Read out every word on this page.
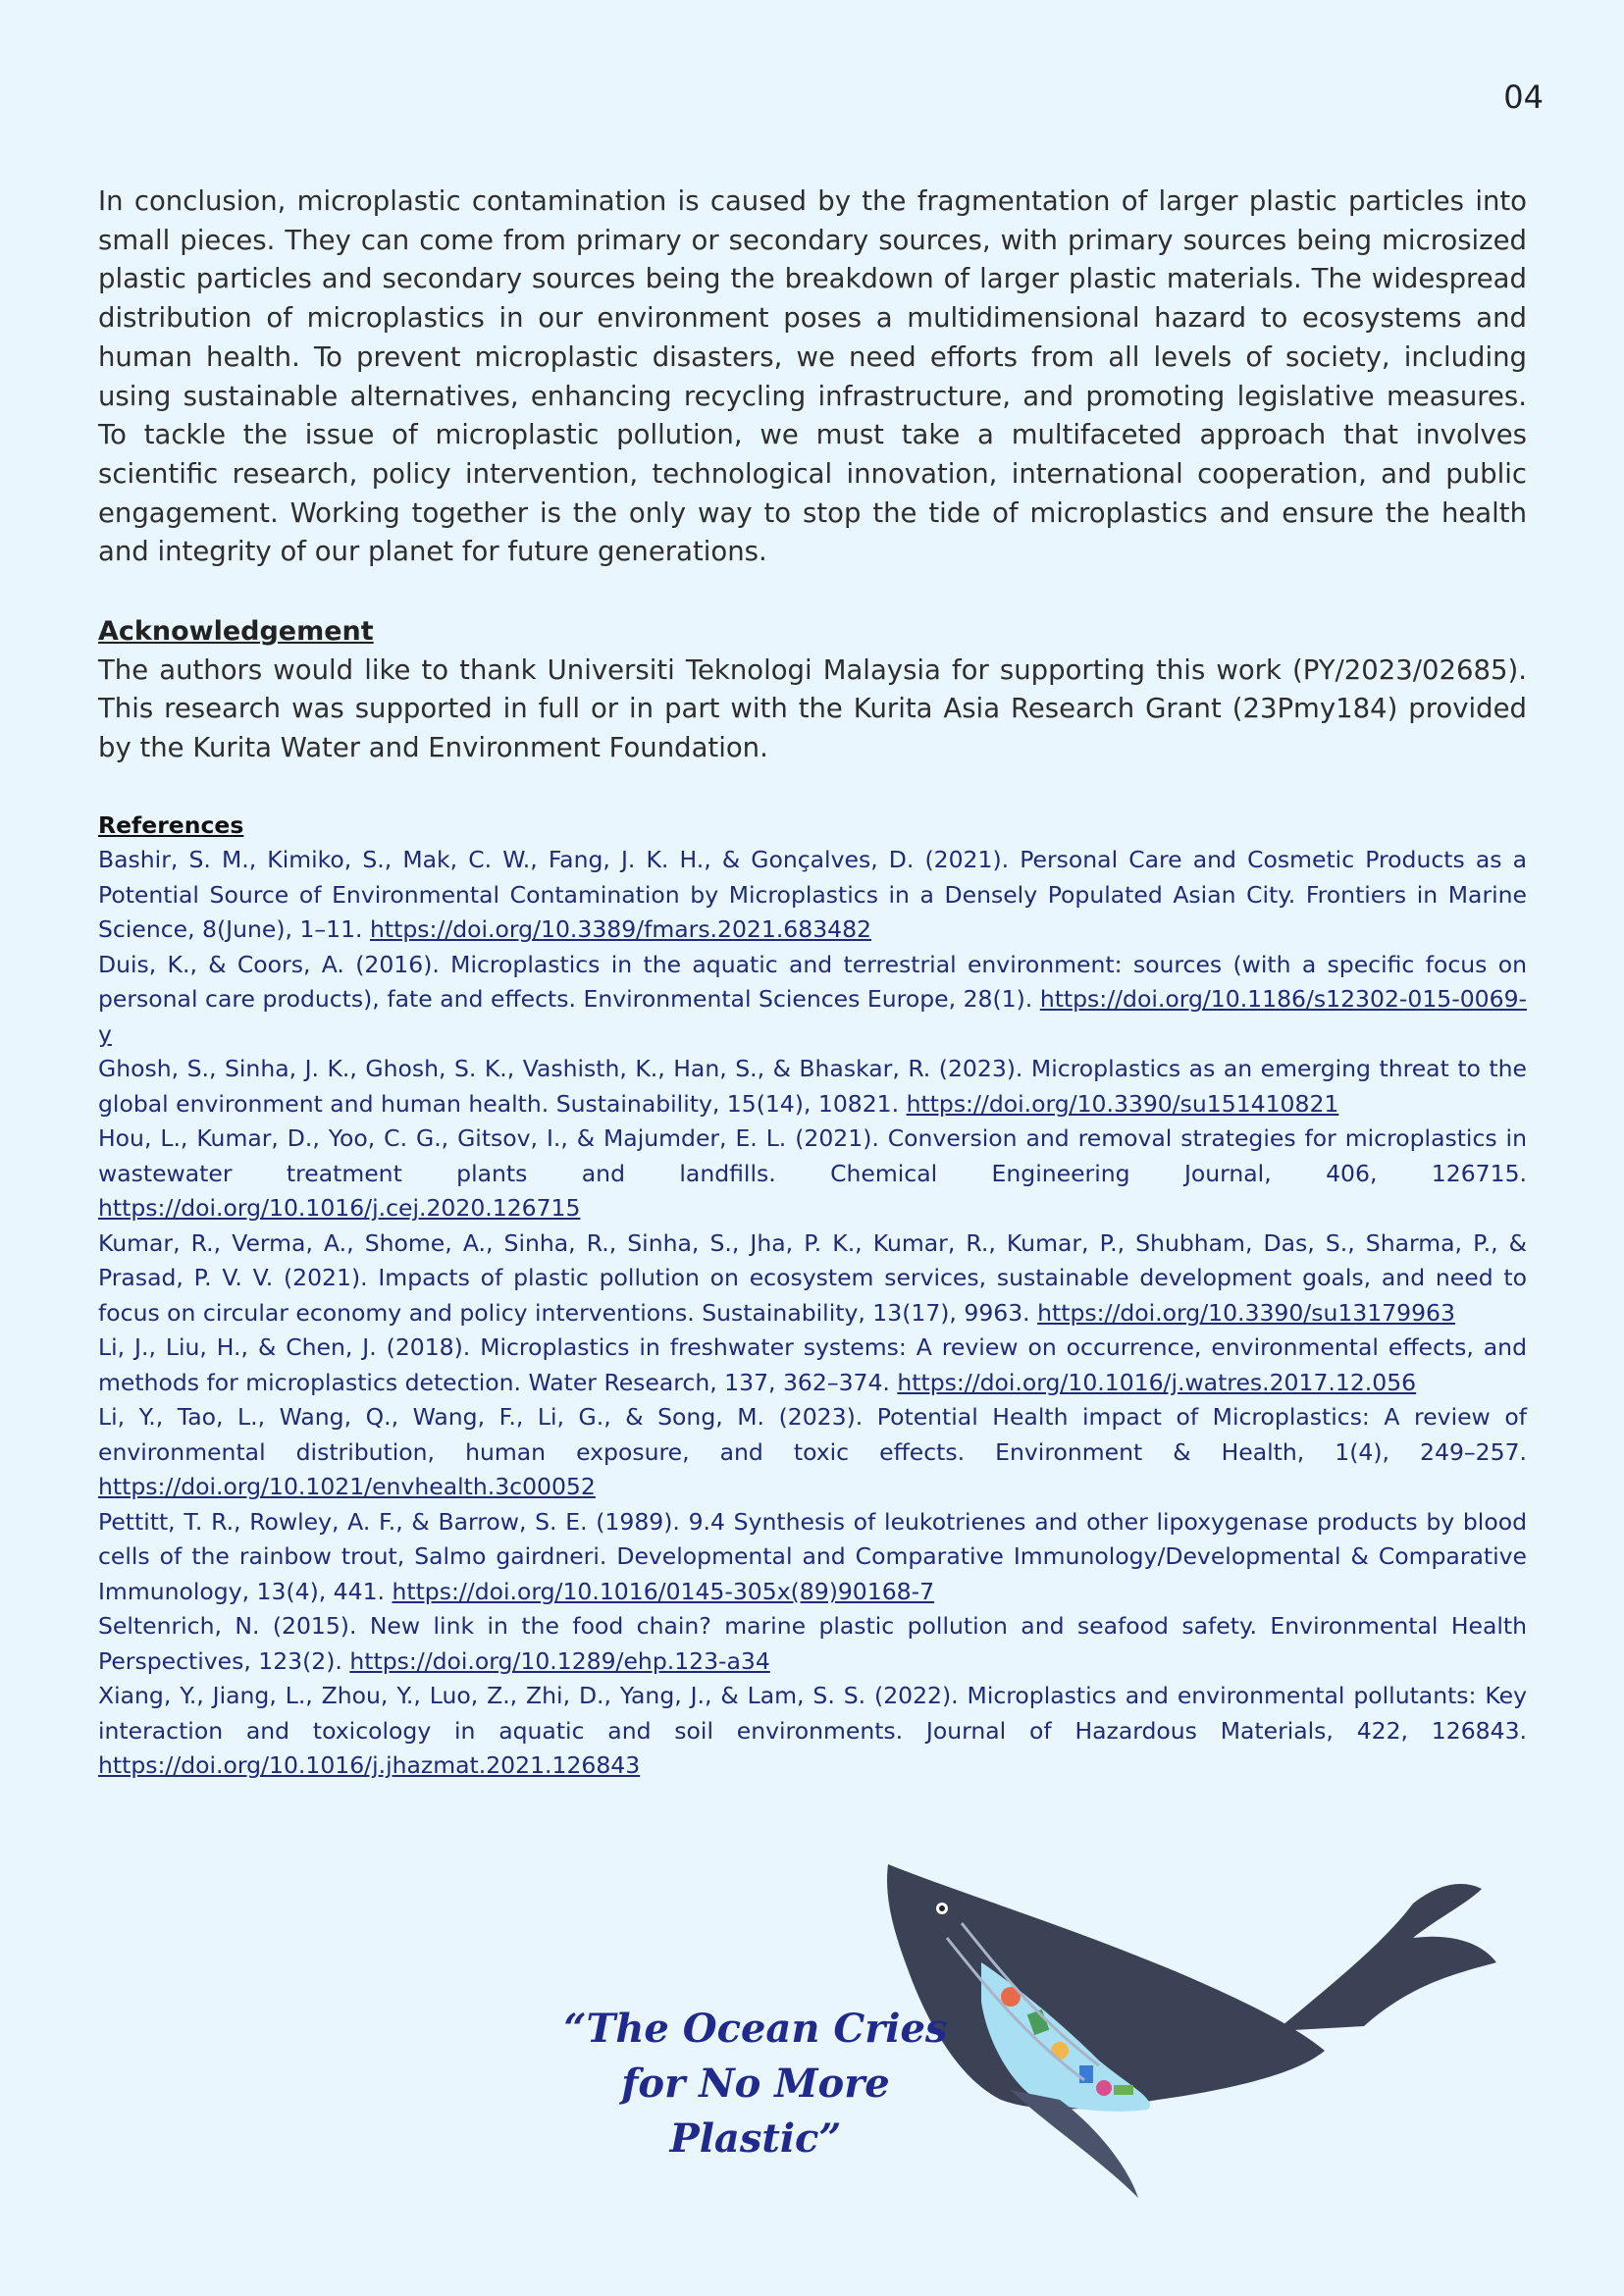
04

In conclusion, microplastic contamination is caused by the fragmentation of larger plastic particles into small pieces. They can come from primary or secondary sources, with primary sources being microsized plastic particles and secondary sources being the breakdown of larger plastic materials. The widespread distribution of microplastics in our environment poses a multidimensional hazard to ecosystems and human health. To prevent microplastic disasters, we need efforts from all levels of society, including using sustainable alternatives, enhancing recycling infrastructure, and promoting legislative measures. To tackle the issue of microplastic pollution, we must take a multifaceted approach that involves scientific research, policy intervention, technological innovation, international cooperation, and public engagement. Working together is the only way to stop the tide of microplastics and ensure the health and integrity of our planet for future generations.

Acknowledgement

The authors would like to thank Universiti Teknologi Malaysia for supporting this work (PY/2023/02685). This research was supported in full or in part with the Kurita Asia Research Grant (23Pmy184) provided by the Kurita Water and Environment Foundation.

References
Bashir, S. M., Kimiko, S., Mak, C. W., Fang, J. K. H., & Gonçalves, D. (2021). Personal Care and Cosmetic Products as a Potential Source of Environmental Contamination by Microplastics in a Densely Populated Asian City. Frontiers in Marine Science, 8(June), 1–11. https://doi.org/10.3389/fmars.2021.683482
Duis, K., & Coors, A. (2016). Microplastics in the aquatic and terrestrial environment: sources (with a specific focus on personal care products), fate and effects. Environmental Sciences Europe, 28(1). https://doi.org/10.1186/s12302-015-0069-y
Ghosh, S., Sinha, J. K., Ghosh, S. K., Vashisth, K., Han, S., & Bhaskar, R. (2023). Microplastics as an emerging threat to the global environment and human health. Sustainability, 15(14), 10821. https://doi.org/10.3390/su151410821
Hou, L., Kumar, D., Yoo, C. G., Gitsov, I., & Majumder, E. L. (2021). Conversion and removal strategies for microplastics in wastewater treatment plants and landfills. Chemical Engineering Journal, 406, 126715. https://doi.org/10.1016/j.cej.2020.126715
Kumar, R., Verma, A., Shome, A., Sinha, R., Sinha, S., Jha, P. K., Kumar, R., Kumar, P., Shubham, Das, S., Sharma, P., & Prasad, P. V. V. (2021). Impacts of plastic pollution on ecosystem services, sustainable development goals, and need to focus on circular economy and policy interventions. Sustainability, 13(17), 9963. https://doi.org/10.3390/su13179963
Li, J., Liu, H., & Chen, J. (2018). Microplastics in freshwater systems: A review on occurrence, environmental effects, and methods for microplastics detection. Water Research, 137, 362–374. https://doi.org/10.1016/j.watres.2017.12.056
Li, Y., Tao, L., Wang, Q., Wang, F., Li, G., & Song, M. (2023). Potential Health impact of Microplastics: A review of environmental distribution, human exposure, and toxic effects. Environment & Health, 1(4), 249–257. https://doi.org/10.1021/envhealth.3c00052
Pettitt, T. R., Rowley, A. F., & Barrow, S. E. (1989). 9.4 Synthesis of leukotrienes and other lipoxygenase products by blood cells of the rainbow trout, Salmo gairdneri. Developmental and Comparative Immunology/Developmental & Comparative Immunology, 13(4), 441. https://doi.org/10.1016/0145-305x(89)90168-7
Seltenrich, N. (2015). New link in the food chain? marine plastic pollution and seafood safety. Environmental Health Perspectives, 123(2). https://doi.org/10.1289/ehp.123-a34
Xiang, Y., Jiang, L., Zhou, Y., Luo, Z., Zhi, D., Yang, J., & Lam, S. S. (2022). Microplastics and environmental pollutants: Key interaction and toxicology in aquatic and soil environments. Journal of Hazardous Materials, 422, 126843. https://doi.org/10.1016/j.jhazmat.2021.126843
“The Ocean Cries
for No More Plastic”
